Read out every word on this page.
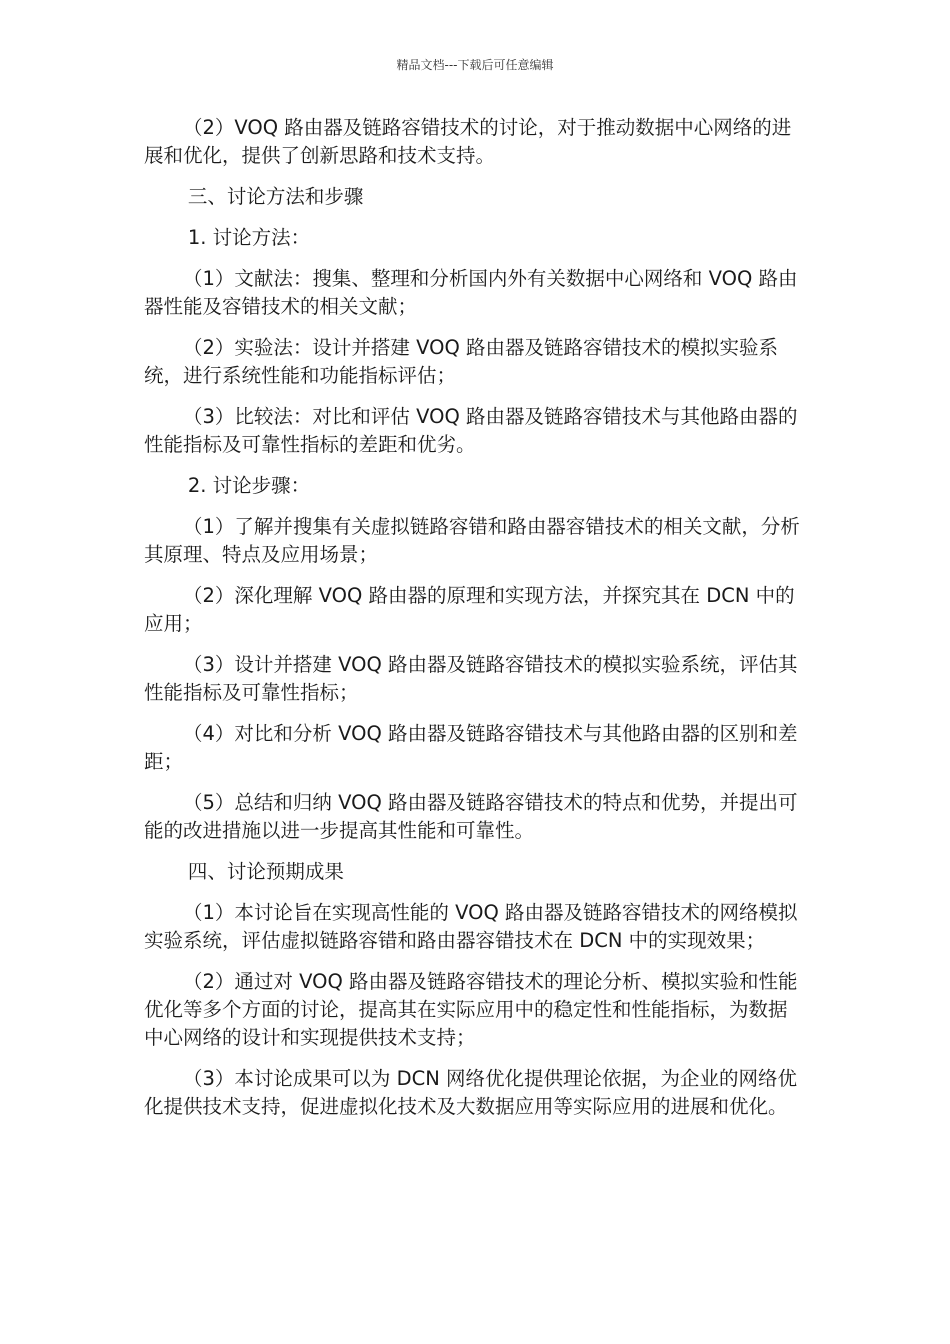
精品文档---下载后可任意编辑

（2）VOQ 路由器及链路容错技术的讨论，对于推动数据中心网络的进展和优化，提供了创新思路和技术支持。

三、讨论方法和步骤

1. 讨论方法：

（1）文献法：搜集、整理和分析国内外有关数据中心网络和 VOQ 路由器性能及容错技术的相关文献；

（2）实验法：设计并搭建 VOQ 路由器及链路容错技术的模拟实验系统，进行系统性能和功能指标评估；

（3）比较法：对比和评估 VOQ 路由器及链路容错技术与其他路由器的性能指标及可靠性指标的差距和优劣。

2. 讨论步骤：

（1）了解并搜集有关虚拟链路容错和路由器容错技术的相关文献，分析其原理、特点及应用场景；

（2）深化理解 VOQ 路由器的原理和实现方法，并探究其在 DCN 中的应用；

（3）设计并搭建 VOQ 路由器及链路容错技术的模拟实验系统，评估其性能指标及可靠性指标；

（4）对比和分析 VOQ 路由器及链路容错技术与其他路由器的区别和差距；

（5）总结和归纳 VOQ 路由器及链路容错技术的特点和优势，并提出可能的改进措施以进一步提高其性能和可靠性。

四、讨论预期成果

（1）本讨论旨在实现高性能的 VOQ 路由器及链路容错技术的网络模拟实验系统，评估虚拟链路容错和路由器容错技术在 DCN 中的实现效果；

（2）通过对 VOQ 路由器及链路容错技术的理论分析、模拟实验和性能优化等多个方面的讨论，提高其在实际应用中的稳定性和性能指标，为数据中心网络的设计和实现提供技术支持；

（3）本讨论成果可以为 DCN 网络优化提供理论依据，为企业的网络优化提供技术支持，促进虚拟化技术及大数据应用等实际应用的进展和优化。
